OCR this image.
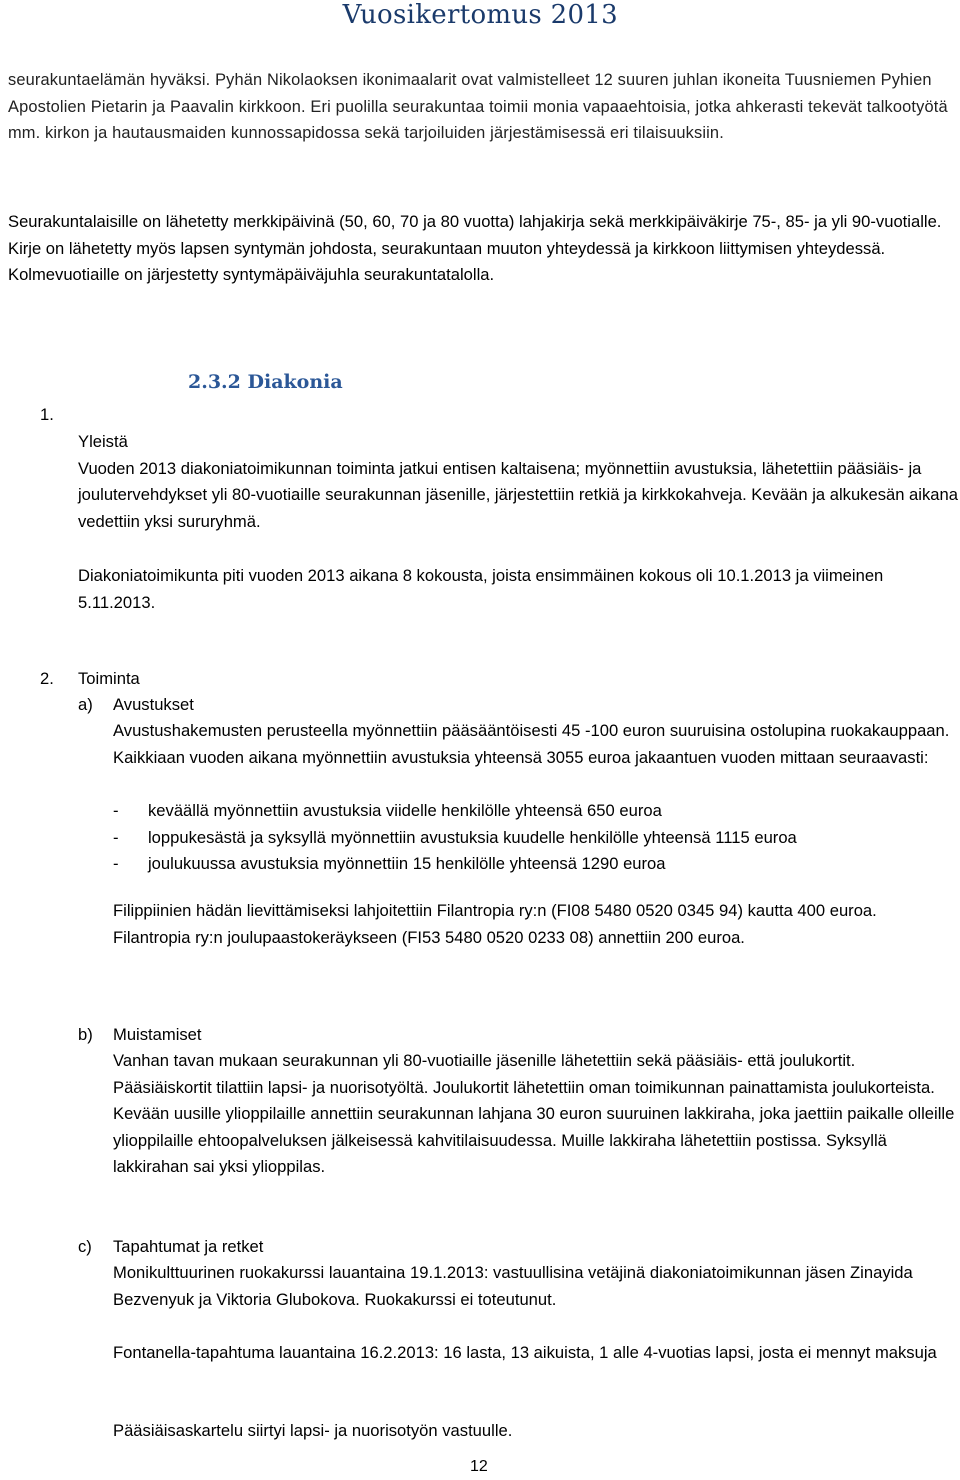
Vuosikertomus 2013

seurakuntaelämän hyväksi. Pyhän Nikolaoksen ikonimaalarit ovat valmistelleet 12 suuren juhlan ikoneita Tuusniemen Pyhien Apostolien Pietarin ja Paavalin kirkkoon. Eri puolilla seurakuntaa toimii monia vapaaehtoisia, jotka ahkerasti tekevät talkootyötä mm. kirkon ja hautausmaiden kunnossapidossa sekä tarjoiluiden järjestämisessä eri tilaisuuksiin.

Seurakuntalaisille on lähetetty merkkipäivinä (50, 60, 70 ja 80 vuotta) lahjakirja sekä merkkipäiväkirje 75-, 85- ja yli 90-vuotialle. Kirje on lähetetty myös lapsen syntymän johdosta, seurakuntaan muuton yhteydessä ja kirkkoon liittymisen yhteydessä. Kolmevuotiaille on järjestetty syntymäpäiväjuhla seurakuntatalolla.

2.3.2 Diakonia
1.

Yleistä
Vuoden 2013 diakoniatoimikunnan toiminta jatkui entisen kaltaisena; myönnettiin avustuksia, lähetettiin pääsiäis- ja joulutervehdykset yli 80-vuotiaille seurakunnan jäsenille, järjestettiin retkiä ja kirkkokahveja. Kevään ja alkukesän aikana vedettiin yksi sururyhmä.

Diakoniatoimikunta piti vuoden 2013 aikana 8 kokousta, joista ensimmäinen kokous oli 10.1.2013 ja viimeinen 5.11.2013.

2. Toiminta
a) Avustukset

Avustushakemusten perusteella myönnettiin pääsääntöisesti 45 -100 euron suuruisina ostolupina ruokakauppaan. Kaikkiaan vuoden aikana myönnettiin avustuksia yhteensä 3055 euroa jakaantuen vuoden mittaan seuraavasti:

- keväällä myönnettiin avustuksia viidelle henkilölle yhteensä 650 euroa
- loppukesästä ja syksyllä myönnettiin avustuksia kuudelle henkilölle yhteensä 1115 euroa
- joulukuussa avustuksia myönnettiin 15 henkilölle yhteensä 1290 euroa

Filippiinien hädän lievittämiseksi lahjoitettiin Filantropia ry:n (FI08 5480 0520 0345 94) kautta 400 euroa. Filantropia ry:n joulupaastokeräykseen (FI53 5480 0520 0233 08) annettiin 200 euroa.

b) Muistamiset

Vanhan tavan mukaan seurakunnan yli 80-vuotiaille jäsenille lähetettiin sekä pääsiäis- että joulukortit. Pääsiäiskortit tilattiin lapsi- ja nuorisotyöltä. Joulukortit lähetettiin oman toimikunnan painattamista joulukorteista. Kevään uusille ylioppilaille annettiin seurakunnan lahjana 30 euron suuruinen lakkiraha, joka jaettiin paikalle olleille ylioppilaille ehtoopalveluksen jälkeisessä kahvitilaisuudessa. Muille lakkiraha lähetettiin postissa. Syksyllä lakkirahan sai yksi ylioppilas.

c) Tapahtumat ja retket

Monikulttuurinen ruokakurssi lauantaina 19.1.2013: vastuullisina vetäjinä diakoniatoimikunnan jäsen Zinayida Bezvenyuk ja Viktoria Glubokova. Ruokakurssi ei toteutunut.

Fontanella-tapahtuma lauantaina 16.2.2013: 16 lasta, 13 aikuista, 1 alle 4-vuotias lapsi, josta ei mennyt maksuja

Pääsiäisaskartelu siirtyi lapsi- ja nuorisotyön vastuulle.

12
